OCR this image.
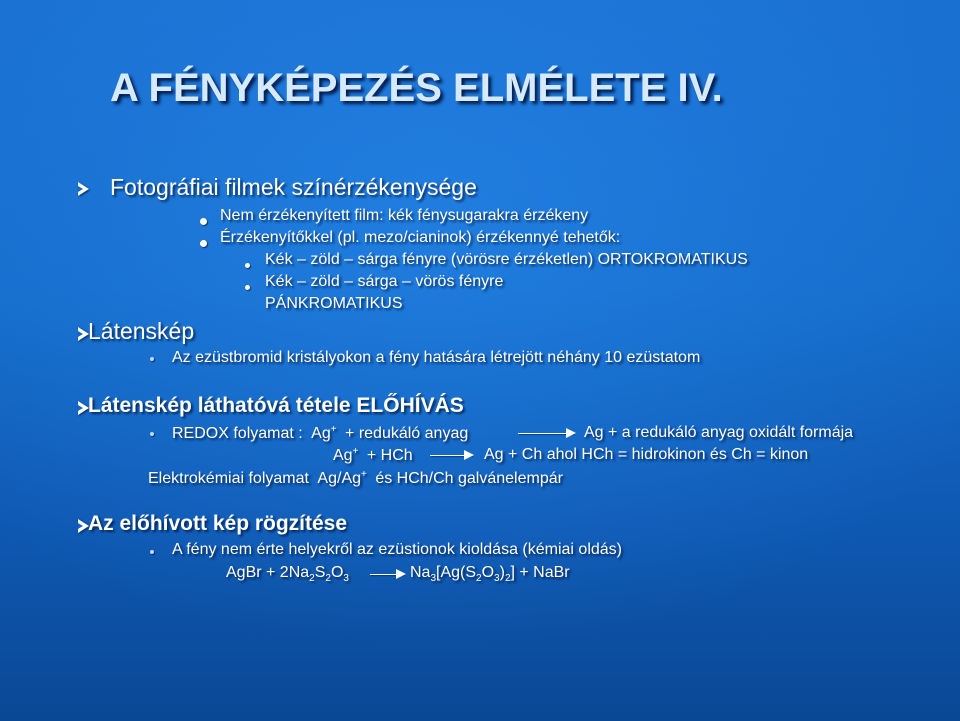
A FÉNYKÉPEZÉS ELMÉLETE IV.
Fotográfiai filmek színérzékenysége
Nem érzékenyített film: kék fénysugarakra érzékeny
Érzékenyítőkkel (pl. mezo/cianinok) érzékennyé tehetők:
Kék – zöld – sárga fényre (vörösre érzéketlen) ORTOKROMATIKUS
Kék – zöld – sárga – vörös fényre
PÁNKROMATIKUS
Látenskép
Az ezüstbromid kristályokon a fény hatására létrejött néhány 10 ezüstatom
Látenskép láthatóvá tétele ELŐHÍVÁS
REDOX folyamat : Ag+ + redukáló anyag	→ Ag + a redukáló anyag oxidált formája
Ag+ + HCh → Ag + Ch ahol HCh = hidrokinon és Ch = kinon
Elektrokémiai folyamat Ag/Ag+ és HCh/Ch galvánelempár
Az előhívott kép rögzítése
A fény nem érte helyekről az ezüstionok kioldása (kémiai oldás)
AgBr + $2Na_2S_2O_3 \to Na_3[Ag(S_2O_3)_2]$ + NaBr
